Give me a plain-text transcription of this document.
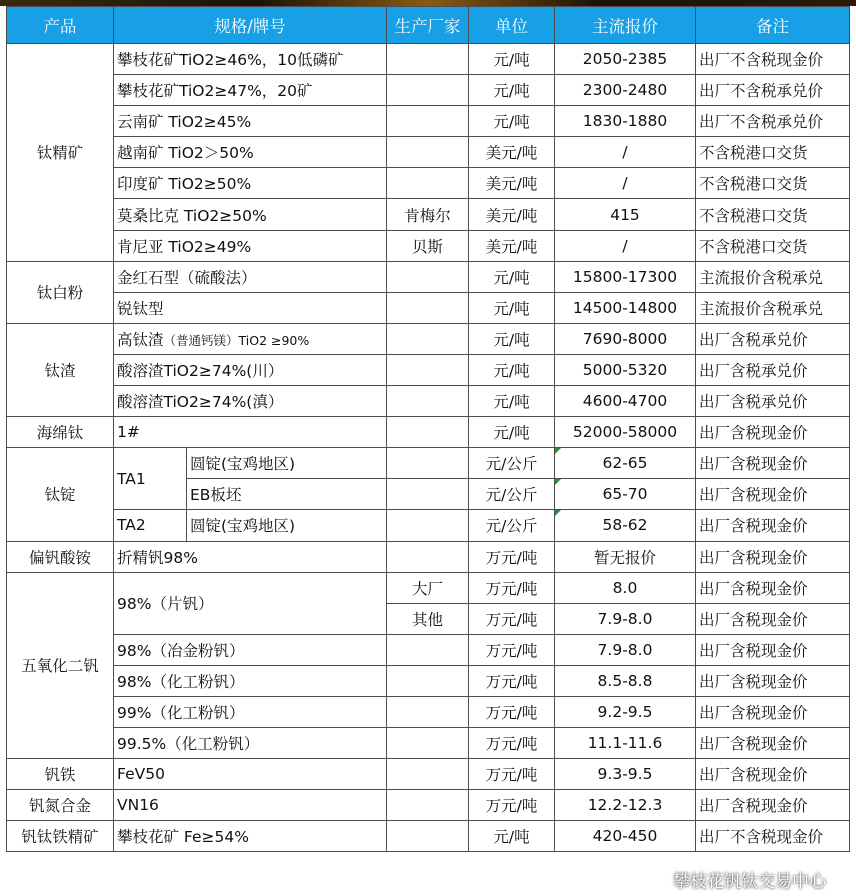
产品	规格/牌号		生产厂家	单位	主流报价	备注
钛精矿	攀枝花矿TiO2≥46%，10低磷矿			元/吨	2050-2385	出厂不含税现金价
	攀枝花矿TiO2≥47%，20矿			元/吨	2300-2480	出厂不含税承兑价
	云南矿 TiO2≥45%			元/吨	1830-1880	出厂不含税承兑价
	越南矿 TiO2＞50%			美元/吨	/	不含税港口交货
	印度矿 TiO2≥50%			美元/吨	/	不含税港口交货
	莫桑比克 TiO2≥50%		肯梅尔	美元/吨	415	不含税港口交货
	肯尼亚 TiO2≥49%		贝斯	美元/吨	/	不含税港口交货
钛白粉	金红石型（硫酸法）			元/吨	15800-17300	主流报价含税承兑
	锐钛型			元/吨	14500-14800	主流报价含税承兑
钛渣	高钛渣（普通钙镁）TiO2 ≥90%			元/吨	7690-8000	出厂含税承兑价
	酸溶渣TiO2≥74%(川）			元/吨	5000-5320	出厂含税承兑价
	酸溶渣TiO2≥74%(滇）			元/吨	4600-4700	出厂含税承兑价
海绵钛	1#			元/吨	52000-58000	出厂含税现金价
钛锭	TA1	圆锭(宝鸡地区)		元/公斤	62-65	出厂含税现金价
		EB板坯		元/公斤	65-70	出厂含税现金价
	TA2	圆锭(宝鸡地区)		元/公斤	58-62	出厂含税现金价
偏钒酸铵	折精钒98%			万元/吨	暂无报价	出厂含税现金价
五氧化二钒	98%（片钒）		大厂	万元/吨	8.0	出厂含税现金价
			其他	万元/吨	7.9-8.0	出厂含税现金价
	98%（冶金粉钒）			万元/吨	7.9-8.0	出厂含税现金价
	98%（化工粉钒）			万元/吨	8.5-8.8	出厂含税现金价
	99%（化工粉钒）			万元/吨	9.2-9.5	出厂含税现金价
	99.5%（化工粉钒）			万元/吨	11.1-11.6	出厂含税现金价
钒铁	FeV50			万元/吨	9.3-9.5	出厂含税现金价
钒氮合金	VN16			万元/吨	12.2-12.3	出厂含税现金价
钒钛铁精矿	攀枝花矿 Fe≥54%			元/吨	420-450	出厂不含税现金价
攀枝花钒钛交易中心
